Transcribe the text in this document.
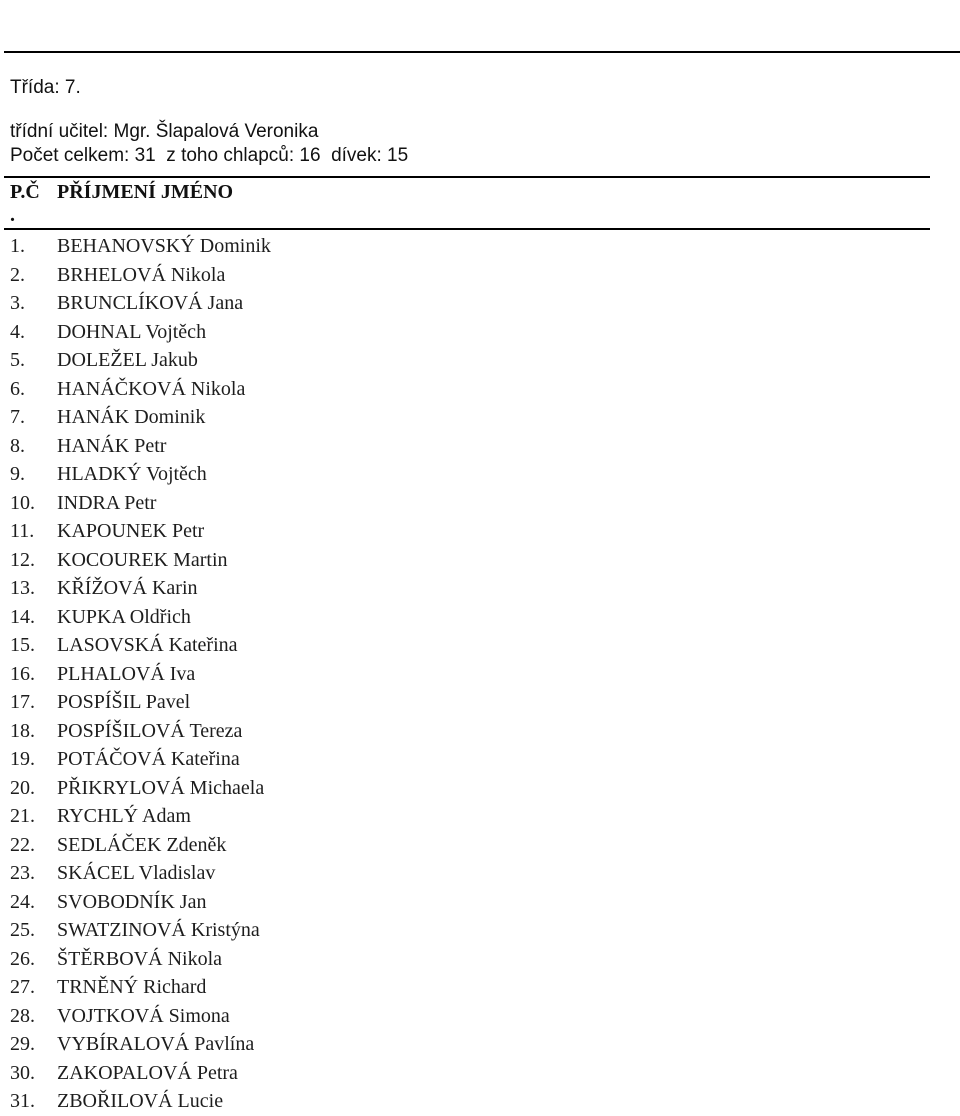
Třída: 7.
třídní učitel: Mgr. Šlapalová Veronika
Počet celkem: 31  z toho chlapců: 16  dívek: 15
P.Č PŘÍJMENÍ JMÉNO
.
1. BEHANOVSKÝ Dominik
2. BRHELOVÁ Nikola
3. BRUNCLÍKOVÁ Jana
4. DOHNAL Vojtěch
5. DOLEŽEL Jakub
6. HANÁČKOVÁ Nikola
7. HANÁK Dominik
8. HANÁK Petr
9. HLADKÝ Vojtěch
10. INDRA Petr
11. KAPOUNEK Petr
12. KOCOUREK Martin
13. KŘÍŽOVÁ Karin
14. KUPKA Oldřich
15. LASOVSKÁ Kateřina
16. PLHALOVÁ Iva
17. POSPÍŠIL Pavel
18. POSPÍŠILOVÁ Tereza
19. POTÁČOVÁ Kateřina
20. PŘIKRYLOVÁ Michaela
21. RYCHLÝ Adam
22. SEDLÁČEK Zdeněk
23. SKÁCEL Vladislav
24. SVOBODNÍK Jan
25. SWATZINOVÁ Kristýna
26. ŠTĚRBOVÁ Nikola
27. TRNĚNÝ Richard
28. VOJTKOVÁ Simona
29. VYBÍRALOVÁ Pavlína
30. ZAKOPALOVÁ Petra
31. ZBOŘILOVÁ Lucie
